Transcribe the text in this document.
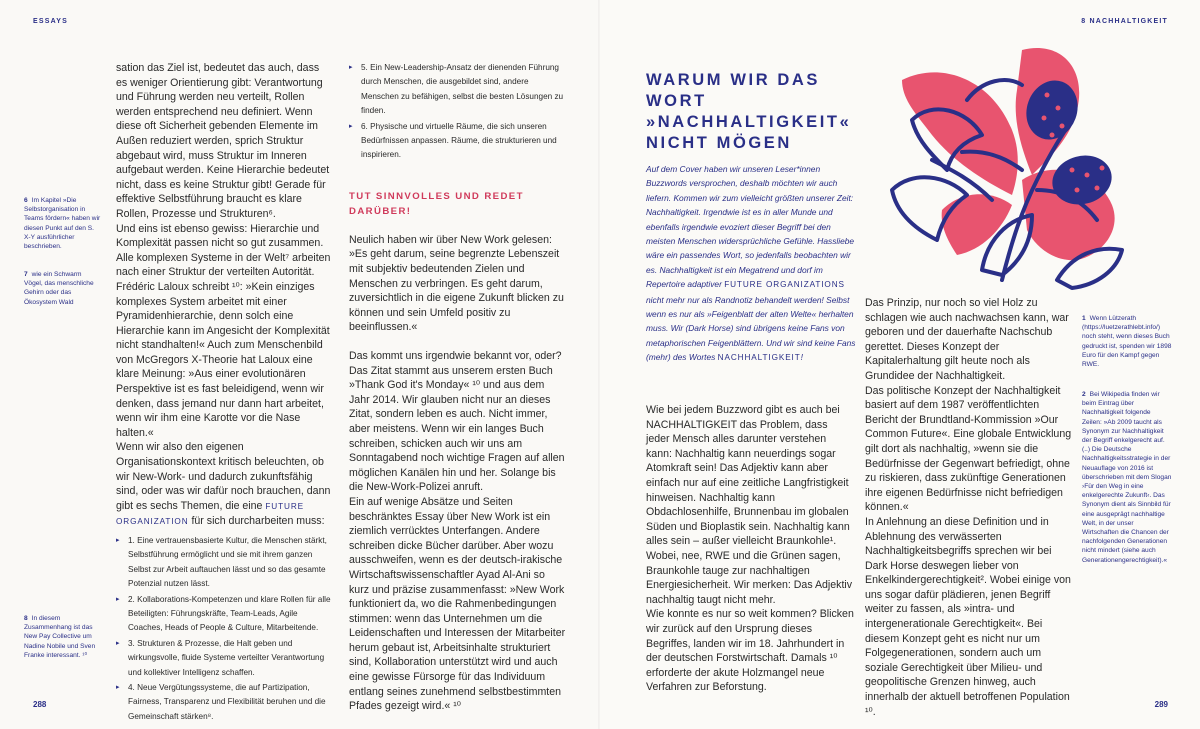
ESSAYS
6 Im Kapitel »Die Selbstorganisation in Teams fördern« haben wir diesen Punkt auf den S. X-Y ausführlicher beschrieben.
7 wie ein Schwarm Vögel, das menschliche Gehirn oder das Ökosystem Wald
8 In diesem Zusammenhang ist das New Pay Collective um Nadine Nobile und Sven Franke interessant. ¹⁰

sation das Ziel ist, bedeutet das auch, dass es weniger Orientierung gibt: Verantwortung und Führung werden neu verteilt, Rollen werden entsprechend neu definiert. Wenn diese oft Sicherheit gebenden Elemente im Außen reduziert werden, sprich Struktur abgebaut wird, muss Struktur im Inneren aufgebaut werden. Keine Hierarchie bedeutet nicht, dass es keine Struktur gibt! Gerade für effektive Selbstführung braucht es klare Rollen, Prozesse und Strukturen⁶.

Und eins ist ebenso gewiss: Hierarchie und Komplexität passen nicht so gut zusammen. Alle komplexen Systeme in der Welt⁷ arbeiten nach einer Struktur der verteilten Autorität. Frédéric Laloux schreibt ¹⁰: »Kein einziges komplexes System arbeitet mit einer Pyramidenhierarchie, denn solch eine Hierarchie kann im Angesicht der Komplexität nicht standhalten!« Auch zum Menschenbild von McGregors X-Theorie hat Laloux eine klare Meinung: »Aus einer evolutionären Perspektive ist es fast beleidigend, wenn wir denken, dass jemand nur dann hart arbeitet, wenn wir ihm eine Karotte vor die Nase halten.«

Wenn wir also den eigenen Organisationskontext kritisch beleuchten, ob wir New-Work- und dadurch zukunftsfähig sind, oder was wir dafür noch brauchen, dann gibt es sechs Themen, die eine FUTURE ORGANIZATION für sich durcharbeiten muss:

▸ 1. Eine vertrauensbasierte Kultur, die Menschen stärkt, Selbstführung ermöglicht und sie mit ihrem ganzen Selbst zur Arbeit auftauchen lässt und so das gesamte Potenzial nutzen lässt.
▸ 2. Kollaborations-Kompetenzen und klare Rollen für alle Beteiligten: Führungskräfte, Team-Leads, Agile Coaches, Heads of People & Culture, Mitarbeitende.
▸ 3. Strukturen & Prozesse, die Halt geben und wirkungsvolle, fluide Systeme verteilter Verantwortung und kollektiver Intelligenz schaffen.
▸ 4. Neue Vergütungssysteme, die auf Partizipation, Fairness, Transparenz und Flexibilität beruhen und die Gemeinschaft stärken⁸.
▸ 5. Ein New-Leadership-Ansatz der dienenden Führung durch Menschen, die ausgebildet sind, andere Menschen zu befähigen, selbst die besten Lösungen zu finden.
▸ 6. Physische und virtuelle Räume, die sich unseren Bedürfnissen anpassen. Räume, die strukturieren und inspirieren.
TUT SINNVOLLES UND REDET DARÜBER!

Neulich haben wir über New Work gelesen: »Es geht darum, seine begrenzte Lebenszeit mit subjektiv bedeutenden Zielen und Menschen zu verbringen. Es geht darum, zuversichtlich in die eigene Zukunft blicken zu können und sein Umfeld positiv zu beeinflussen.«

Das kommt uns irgendwie bekannt vor, oder? Das Zitat stammt aus unserem ersten Buch »Thank God it's Monday« ¹⁰ und aus dem Jahr 2014. Wir glauben nicht nur an dieses Zitat, sondern leben es auch. Nicht immer, aber meistens. Wenn wir ein langes Buch schreiben, schicken auch wir uns am Sonntagabend noch wichtige Fragen auf allen möglichen Kanälen hin und her. Solange bis die New-Work-Polizei anruft.

Ein auf wenige Absätze und Seiten beschränktes Essay über New Work ist ein ziemlich verrücktes Unterfangen. Andere schreiben dicke Bücher darüber. Aber wozu ausschweifen, wenn es der deutsch-irakische Wirtschaftswissenschaftler Ayad Al-Ani so kurz und präzise zusammenfasst: »New Work funktioniert da, wo die Rahmenbedingungen stimmen: wenn das Unternehmen um die Leidenschaften und Interessen der Mitarbeiter herum gebaut ist, Arbeitsinhalte strukturiert sind, Kollaboration unterstützt wird und auch eine gewisse Fürsorge für das Individuum entlang seines zunehmend selbstbestimmten Pfades gezeigt wird.« ¹⁰

288
8 NACHHALTIGKEIT
WARUM WIR DAS WORT »NACHHALTIGKEIT« NICHT MÖGEN
Auf dem Cover haben wir unseren Leser*innen Buzzwords versprochen, deshalb möchten wir auch liefern. Kommen wir zum vielleicht größten unserer Zeit: Nachhaltigkeit. Irgendwie ist es in aller Munde und ebenfalls irgendwie evoziert dieser Begriff bei den meisten Menschen widersprüchliche Gefühle. Hassliebe wäre ein passendes Wort, so jedenfalls beobachten wir es. Nachhaltigkeit ist ein Megatrend und dorf im Repertoire adaptiver FUTURE ORGANIZATIONS nicht mehr nur als Randnotiz behandelt werden! Selbst wenn es nur als »Feigenblatt der alten Welte« herhalten muss. Wir (Dark Horse) sind übrigens keine Fans von metaphorischen Feigenblättern. Und wir sind keine Fans (mehr) des Wortes NACHHALTIGKEIT!

Wie bei jedem Buzzword gibt es auch bei NACHHALTIGKEIT das Problem, dass jeder Mensch alles darunter verstehen kann: Nachhaltig kann neuerdings sogar Atomkraft sein! Das Adjektiv kann aber einfach nur auf eine zeitliche Langfristigkeit hinweisen. Nachhaltig kann Obdachlosenhilfe, Brunnenbau im globalen Süden und Bioplastik sein. Nachhaltig kann alles sein – außer vielleicht Braunkohle¹. Wobei, nee, RWE und die Grünen sagen, Braunkohle tauge zur nachhaltigen Energiesicherheit. Wir merken: Das Adjektiv nachhaltig taugt nicht mehr.

Wie konnte es nur so weit kommen? Blicken wir zurück auf den Ursprung dieses Begriffes, landen wir im 18. Jahrhundert in der deutschen Forstwirtschaft. Damals ¹⁰ erforderte der akute Holzmangel neue Verfahren zur Beforstung.

Das Prinzip, nur noch so viel Holz zu schlagen wie auch nachwachsen kann, war geboren und der dauerhafte Nachschub gerettet. Dieses Konzept der Kapitalerhaltung gilt heute noch als Grundidee der Nachhaltigkeit.

Das politische Konzept der Nachhaltigkeit basiert auf dem 1987 veröffentlichten Bericht der Brundtland-Kommission »Our Common Future«. Eine globale Entwicklung gilt dort als nachhaltig, »wenn sie die Bedürfnisse der Gegenwart befriedigt, ohne zu riskieren, dass zukünftige Generationen ihre eigenen Bedürfnisse nicht befriedigen können.«

In Anlehnung an diese Definition und in Ablehnung des verwässerten Nachhaltigkeitsbegriffs sprechen wir bei Dark Horse deswegen lieber von Enkelkindergerechtigkeit². Wobei einige von uns sogar dafür plädieren, jenen Begriff weiter zu fassen, als »intra- und intergenerationale Gerechtigkeit«. Bei diesem Konzept geht es nicht nur um Folgegenerationen, sondern auch um soziale Gerechtigkeit über Milieu- und geopolitische Grenzen hinweg, auch innerhalb der aktuell betroffenen Population ¹⁰.

1 Wenn Lützerath (https://luetzerathlebt.info/) noch steht, wenn dieses Buch gedruckt ist, spenden wir 1898 Euro für den Kampf gegen RWE.
2 Bei Wikipedia finden wir beim Eintrag über Nachhaltigkeit folgende Zeilen: »Ab 2009 taucht als Synonym zur Nachhaltigkeit der Begriff enkelgerecht auf. (..) Die Deutsche Nachhaltigkeitsstrategie in der Neuauflage von 2016 ist überschrieben mit dem Slogan ›Für den Weg in eine enkelgerechte Zukunft‹. Das Synonym dient als Sinnbild für eine ausgeprägt nachhaltige Welt, in der unser Wirtschaften die Chancen der nachfolgenden Generationen nicht mindert (siehe auch Generationengerechtigkeit).«
289
